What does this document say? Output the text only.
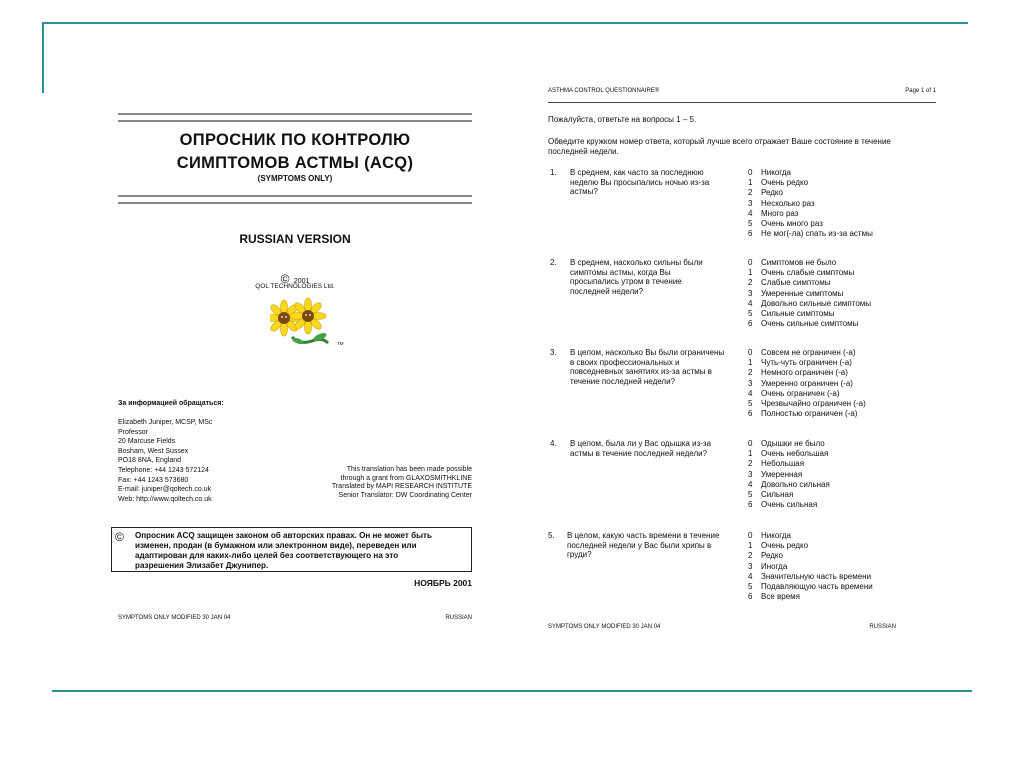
ОПРОСНИК ПО КОНТРОЛЮ
СИМПТОМОВ АСТМЫ (ACQ)
(SYMPTOMS ONLY)
RUSSIAN VERSION
© 2001
QOL TECHNOLOGIES Ltd.
TM
За информацией обращаться:
Elizabeth Juniper, MCSP, MSc
Professor
20 Marcuse Fields
Bosham, West Sussex
PO18 8NA, England
Telephone: +44 1243 572124
Fax: +44 1243 573680
E-mail: juniper@qoltech.co.uk
Web: http://www.qoltech.co.uk
This translation has been made possible
through a grant from GLAXOSMITHKLINE
Translated by MAPI RESEARCH INSTITUTE
Senior Translator: DW Coordinating Center
© Опросник ACQ защищен законом об авторских правах. Он не может быть
изменен, продан (в бумажном или электронном виде), переведен или
адаптирован для каких-либо целей без соответствующего на это
разрешения Элизабет Джунипер.
НОЯБРЬ 2001
SYMPTOMS ONLY MODIFIED 30 JAN 04	RUSSIAN
ASTHMA CONTROL QUESTIONNAIRE®	Page 1 of 1
Пожалуйста, ответьте на вопросы 1 – 5.
Обведите кружком номер ответа, который лучше всего отражает Ваше состояние в течение
последней недели.
1. В среднем, как часто за последнюю
неделю Вы просыпались ночью из-за
астмы?
0 Никогда
1 Очень редко
2 Редко
3 Несколько раз
4 Много раз
5 Очень много раз
6 Не мог(-ла) спать из-за астмы
2. В среднем, насколько сильны были
симптомы астмы, когда Вы
просыпались утром в течение
последней недели?
0 Симптомов не было
1 Очень слабые симптомы
2 Слабые симптомы
3 Умеренные симптомы
4 Довольно сильные симптомы
5 Сильные симптомы
6 Очень сильные симптомы
3. В целом, насколько Вы были ограничены
в своих профессиональных и
повседневных занятиях из-за астмы в
течение последней недели?
0 Совсем не ограничен (-а)
1 Чуть-чуть ограничен (-а)
2 Немного ограничен (-а)
3 Умеренно ограничен (-а)
4 Очень ограничен (-а)
5 Чрезвычайно ограничен (-а)
6 Полностью ограничен (-а)
4. В целом, была ли у Вас одышка из-за
астмы в течение последней недели?
0 Одышки не было
1 Очень небольшая
2 Небольшая
3 Умеренная
4 Довольно сильная
5 Сильная
6 Очень сильная
5. В целом, какую часть времени в течение
последней недели у Вас были хрипы в
груди?
0 Никогда
1 Очень редко
2 Редко
3 Иногда
4 Значительную часть времени
5 Подавляющую часть времени
6 Все время
SYMPTOMS ONLY MODIFIED 30 JAN 04	RUSSIAN
